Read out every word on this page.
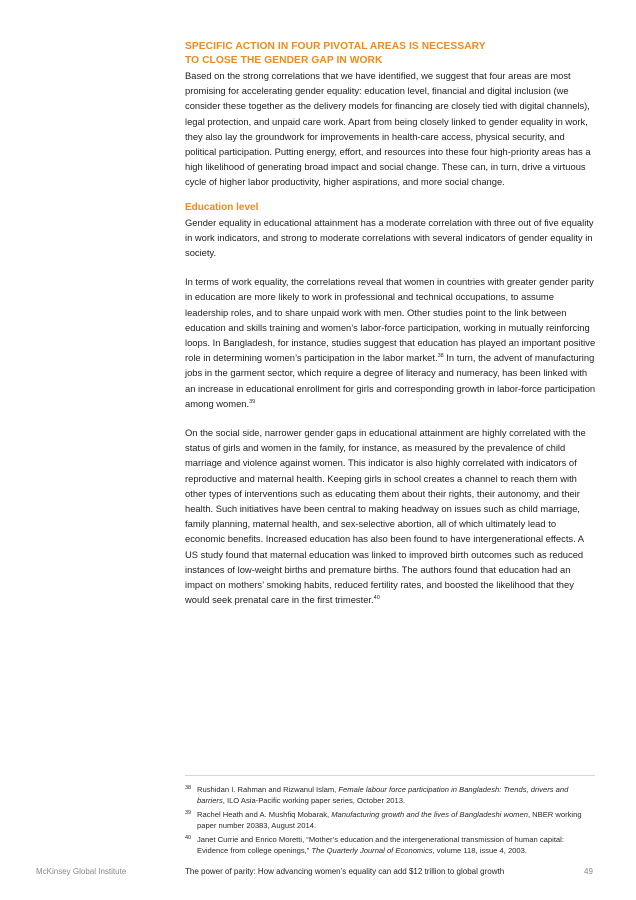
SPECIFIC ACTION IN FOUR PIVOTAL AREAS IS NECESSARY
TO CLOSE THE GENDER GAP IN WORK

Based on the strong correlations that we have identified, we suggest that four areas are most promising for accelerating gender equality: education level, financial and digital inclusion (we consider these together as the delivery models for financing are closely tied with digital channels), legal protection, and unpaid care work. Apart from being closely linked to gender equality in work, they also lay the groundwork for improvements in health-care access, physical security, and political participation. Putting energy, effort, and resources into these four high-priority areas has a high likelihood of generating broad impact and social change. These can, in turn, drive a virtuous cycle of higher labor productivity, higher aspirations, and more social change.

Education level

Gender equality in educational attainment has a moderate correlation with three out of five equality in work indicators, and strong to moderate correlations with several indicators of gender equality in society.

In terms of work equality, the correlations reveal that women in countries with greater gender parity in education are more likely to work in professional and technical occupations, to assume leadership roles, and to share unpaid work with men. Other studies point to the link between education and skills training and women’s labor-force participation, working in mutually reinforcing loops. In Bangladesh, for instance, studies suggest that education has played an important positive role in determining women’s participation in the labor market.$^{38}$ In turn, the advent of manufacturing jobs in the garment sector, which require a degree of literacy and numeracy, has been linked with an increase in educational enrollment for girls and corresponding growth in labor-force participation among women.$^{39}$

On the social side, narrower gender gaps in educational attainment are highly correlated with the status of girls and women in the family, for instance, as measured by the prevalence of child marriage and violence against women. This indicator is also highly correlated with indicators of reproductive and maternal health. Keeping girls in school creates a channel to reach them with other types of interventions such as educating them about their rights, their autonomy, and their health. Such initiatives have been central to making headway on issues such as child marriage, family planning, maternal health, and sex-selective abortion, all of which ultimately lead to economic benefits. Increased education has also been found to have intergenerational effects. A US study found that maternal education was linked to improved birth outcomes such as reduced instances of low-weight births and premature births. The authors found that education had an impact on mothers’ smoking habits, reduced fertility rates, and boosted the likelihood that they would seek prenatal care in the first trimester.$^{40}$

38 Rushidan I. Rahman and Rizwanul Islam, Female labour force participation in Bangladesh: Trends, drivers and barriers, ILO Asia-Pacific working paper series, October 2013.
39 Rachel Heath and A. Mushfiq Mobarak, Manufacturing growth and the lives of Bangladeshi women, NBER working paper number 20383, August 2014.
40 Janet Currie and Enrico Moretti, “Mother’s education and the intergenerational transmission of human capital: Evidence from college openings,” The Quarterly Journal of Economics, volume 118, issue 4, 2003.
McKinsey Global Institute	The power of parity: How advancing women’s equality can add $12 trillion to global growth	49
